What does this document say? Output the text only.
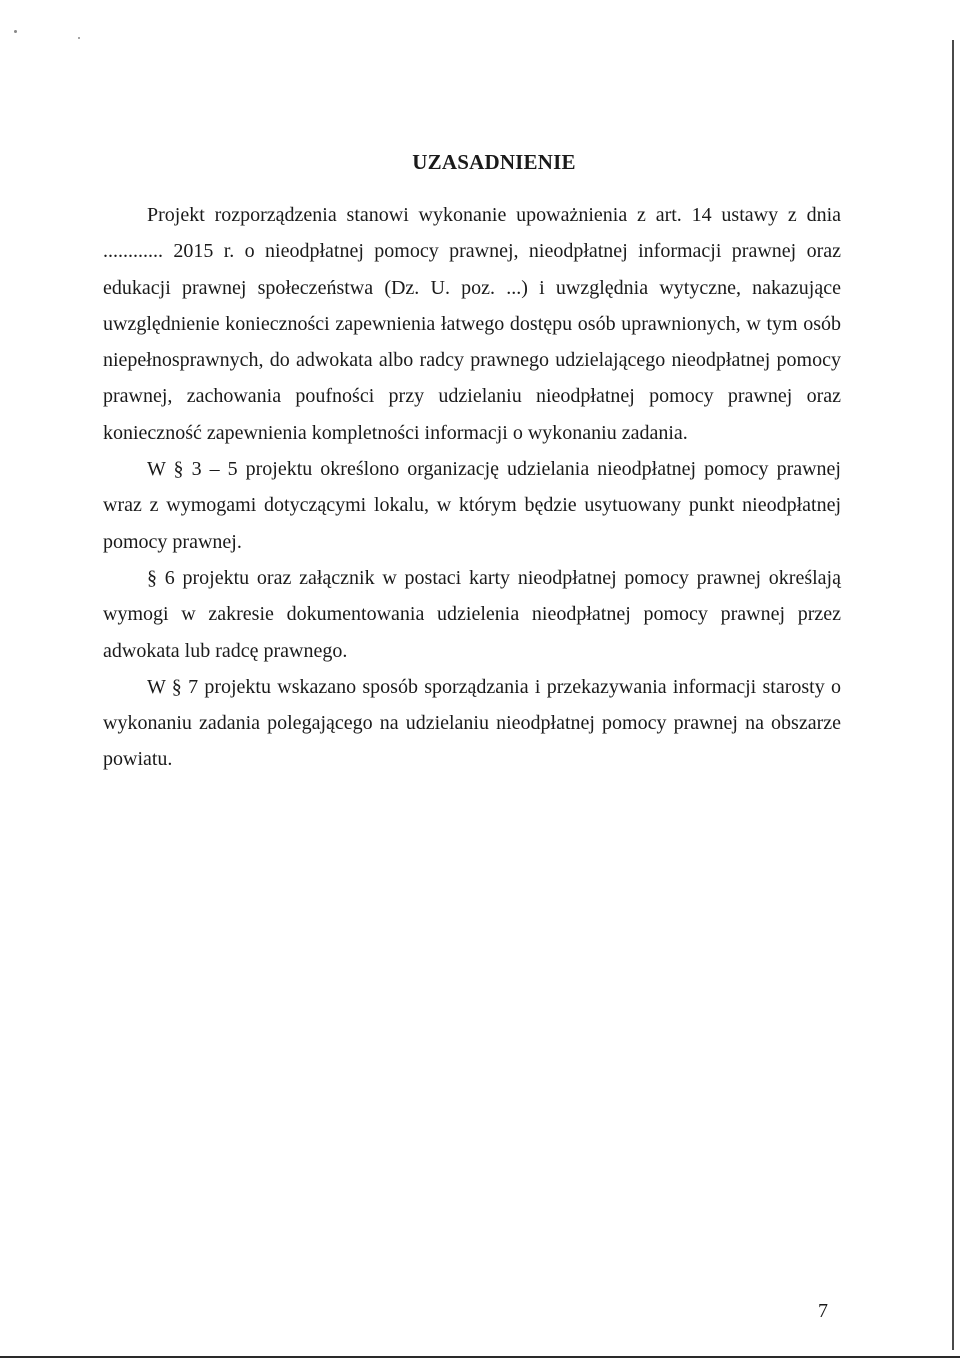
UZASADNIENIE

Projekt rozporządzenia stanowi wykonanie upoważnienia z art. 14 ustawy z dnia ............ 2015 r. o nieodpłatnej pomocy prawnej, nieodpłatnej informacji prawnej oraz edukacji prawnej społeczeństwa (Dz. U. poz. ...) i uwzględnia wytyczne, nakazujące uwzględnienie konieczności zapewnienia łatwego dostępu osób uprawnionych, w tym osób niepełnosprawnych, do adwokata albo radcy prawnego udzielającego nieodpłatnej pomocy prawnej, zachowania poufności przy udzielaniu nieodpłatnej pomocy prawnej oraz konieczność zapewnienia kompletności informacji o wykonaniu zadania.

W § 3 – 5 projektu określono organizację udzielania nieodpłatnej pomocy prawnej wraz z wymogami dotyczącymi lokalu, w którym będzie usytuowany punkt nieodpłatnej pomocy prawnej.

§ 6 projektu oraz załącznik w postaci karty nieodpłatnej pomocy prawnej określają wymogi w zakresie dokumentowania udzielenia nieodpłatnej pomocy prawnej przez adwokata lub radcę prawnego.

W § 7 projektu wskazano sposób sporządzania i przekazywania informacji starosty o wykonaniu zadania polegającego na udzielaniu nieodpłatnej pomocy prawnej na obszarze powiatu.

7
